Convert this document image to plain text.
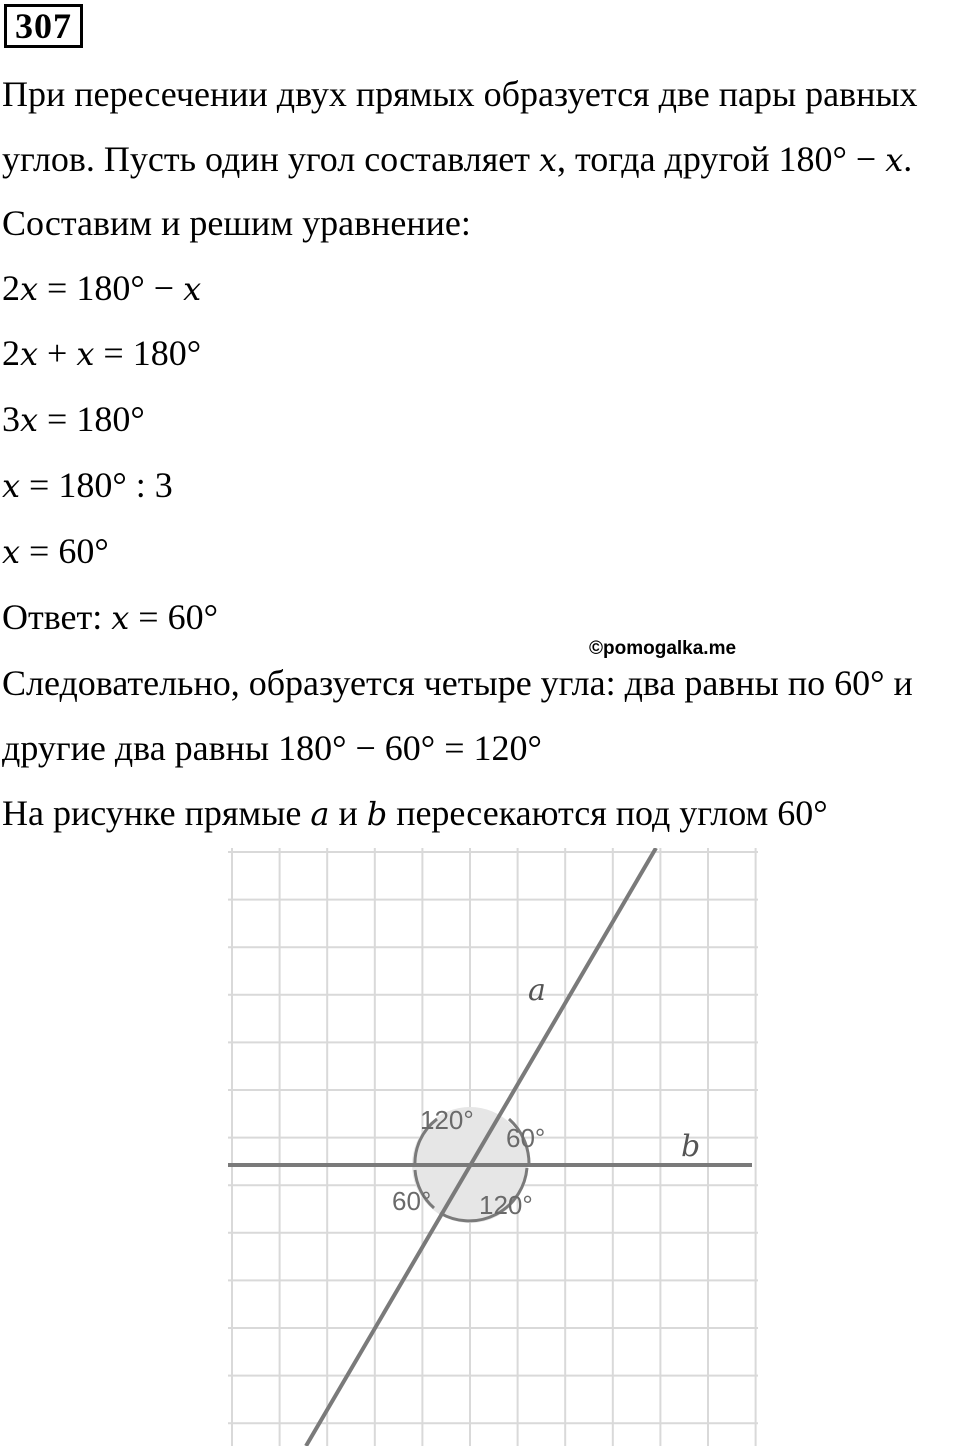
307
При пересечении двух прямых образуется две пары равных
углов. Пусть один угол составляет x, тогда другой 180° − x.
Составим и решим уравнение:
2x = 180° − x
2x + x = 180°
3x = 180°
x = 180° : 3
x = 60°
Ответ: x = 60°
©pomogalka.me
Следовательно, образуется четыре угла: два равны по 60° и
другие два равны 180° − 60° = 120°
На рисунке прямые a и b пересекаются под углом 60°
a
b
120°
60°
60° 120°
